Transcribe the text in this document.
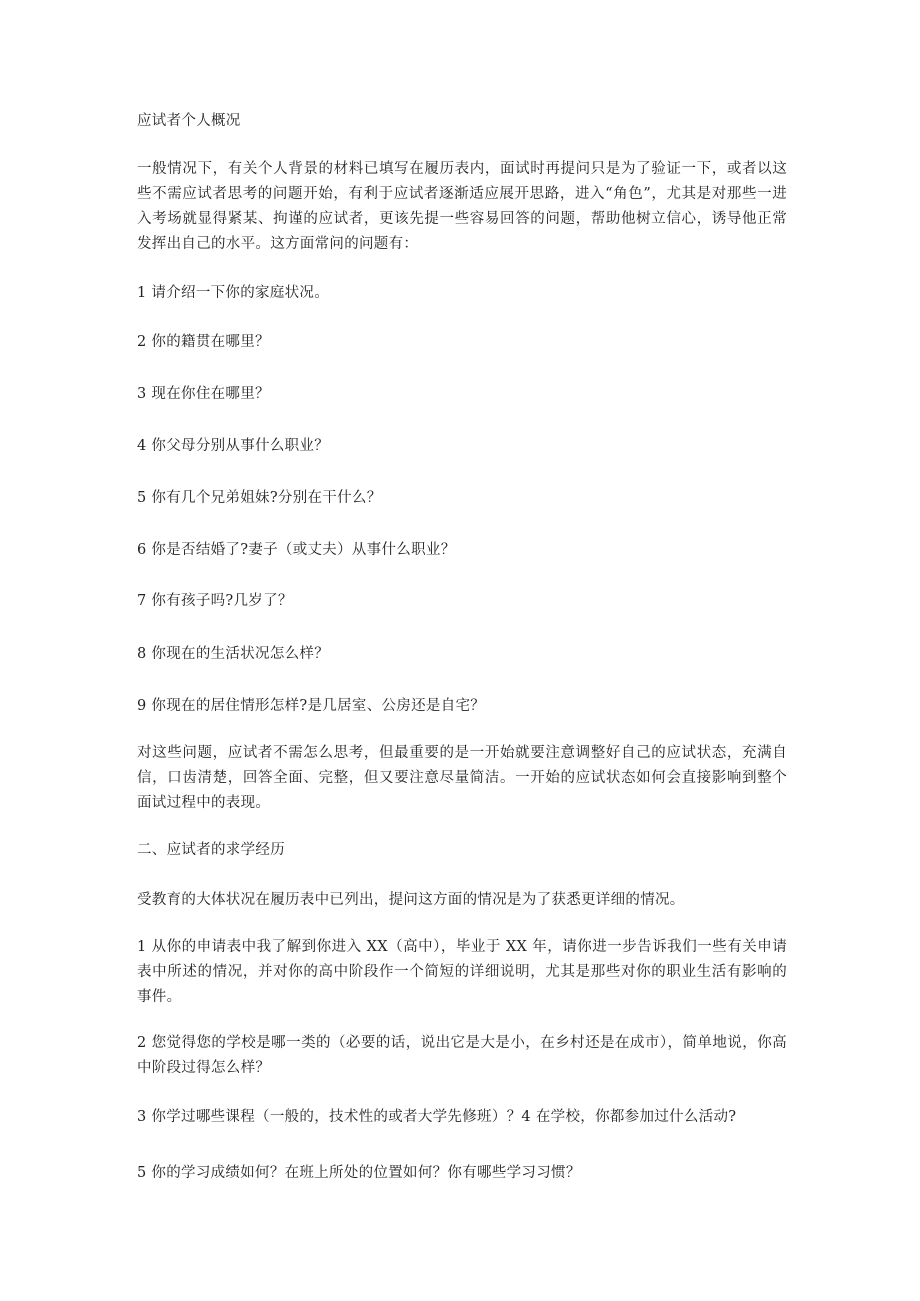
应试者个人概况

一般情况下，有关个人背景的材料已填写在履历表内，面试时再提问只是为了验证一下，或者以这些不需应试者思考的问题开始，有利于应试者逐渐适应展开思路，进入“角色”，尤其是对那些一进入考场就显得紧某、拘谨的应试者，更该先提一些容易回答的问题，帮助他树立信心，诱导他正常发挥出自己的水平。这方面常问的问题有：

1 请介绍一下你的家庭状况。

2 你的籍贯在哪里？

3 现在你住在哪里？

4 你父母分别从事什么职业？

5 你有几个兄弟姐妹?分别在干什么？

6 你是否结婚了?妻子（或丈夫）从事什么职业？

7 你有孩子吗?几岁了？

8 你现在的生活状况怎么样？

9 你现在的居住情形怎样?是几居室、公房还是自宅？

对这些问题，应试者不需怎么思考，但最重要的是一开始就要注意调整好自己的应试状态，充满自信，口齿清楚，回答全面、完整，但又要注意尽量简洁。一开始的应试状态如何会直接影响到整个面试过程中的表现。

二、应试者的求学经历

受教育的大体状况在履历表中已列出，提问这方面的情况是为了获悉更详细的情况。

1 从你的申请表中我了解到你进入 XX（高中），毕业于 XX 年，请你进一步告诉我们一些有关申请表中所述的情况，并对你的高中阶段作一个简短的详细说明，尤其是那些对你的职业生活有影响的事件。

2 您觉得您的学校是哪一类的（必要的话，说出它是大是小，在乡村还是在成市），简单地说，你高中阶段过得怎么样？

3 你学过哪些课程（一般的，技术性的或者大学先修班）？4 在学校，你都参加过什么活动?

5 你的学习成绩如何？在班上所处的位置如何？你有哪些学习习惯？
